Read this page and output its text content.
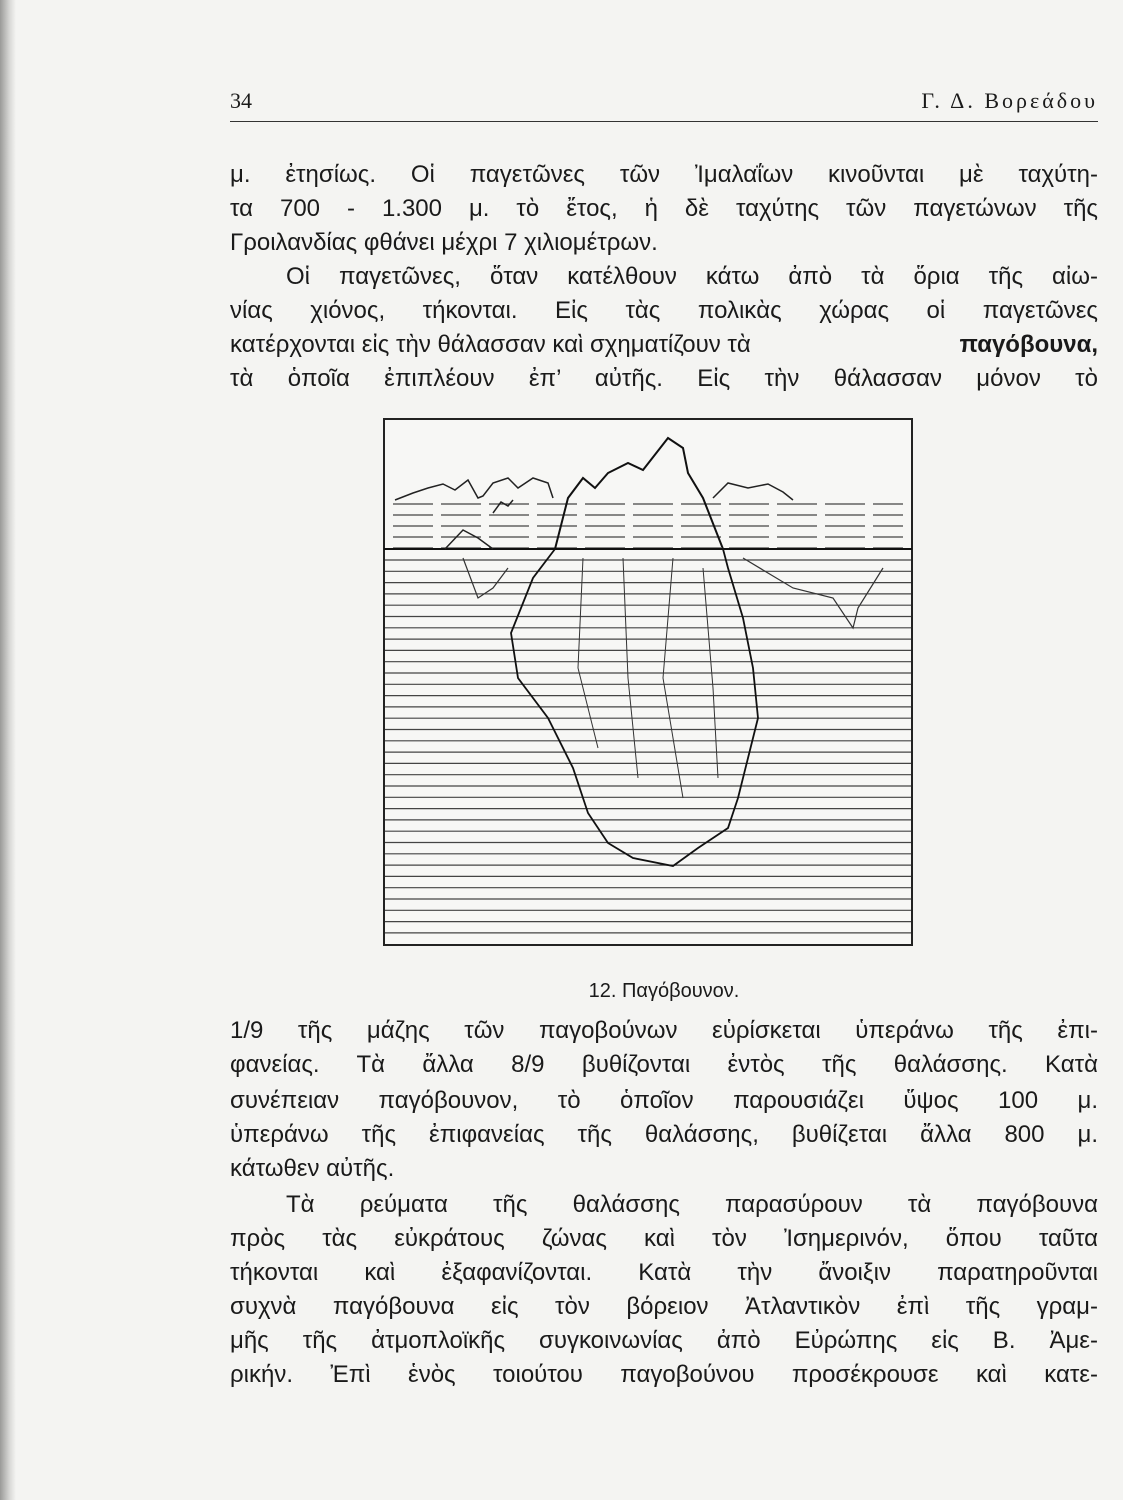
34	Γ. Δ. Βορεάδου
μ. ἐτησίως. Οἱ παγετῶνες τῶν Ἰμαλαΐων κινοῦνται μὲ ταχύτη-
τα 700 - 1.300 μ. τὸ ἔτος, ἡ δὲ ταχύτης τῶν παγετώνων τῆς
Γροιλανδίας φθάνει μέχρι 7 χιλιομέτρων.
Οἱ παγετῶνες, ὅταν κατέλθουν κάτω ἀπὸ τὰ ὅρια τῆς αἰω-
νίας χιόνος, τήκονται. Εἰς τὰς πολικὰς χώρας οἱ παγετῶνες
κατέρχονται εἰς τὴν θάλασσαν καὶ σχηματίζουν τὰ	παγόβουνα,
τὰ ὁποῖα ἐπιπλέουν ἐπ’ αὐτῆς. Εἰς τὴν θάλασσαν μόνον τὸ
12. Παγόβουνον.
1/9 τῆς μάζης τῶν παγοβούνων εὑρίσκεται ὑπεράνω τῆς ἐπι-
φανείας. Τὰ ἄλλα 8/9 βυθίζονται ἐντὸς τῆς θαλάσσης. Κατὰ
συνέπειαν παγόβουνον, τὸ ὁποῖον παρουσιάζει ὕψος 100 μ.
ὑπεράνω τῆς ἐπιφανείας τῆς θαλάσσης, βυθίζεται ἄλλα 800 μ.
κάτωθεν αὐτῆς.
Τὰ ρεύματα τῆς θαλάσσης παρασύρουν τὰ παγόβουνα
πρὸς τὰς εὐκράτους ζώνας καὶ τὸν Ἰσημερινόν, ὅπου ταῦτα
τήκονται καὶ ἐξαφανίζονται. Κατὰ τὴν ἄνοιξιν παρατηροῦνται
συχνὰ παγόβουνα εἰς τὸν βόρειον Ἀτλαντικὸν ἐπὶ τῆς γραμ-
μῆς τῆς ἀτμοπλοϊκῆς συγκοινωνίας ἀπὸ Εὐρώπης εἰς Β. Ἀμε-
ρικήν. Ἐπὶ ἑνὸς τοιούτου παγοβούνου προσέκρουσε καὶ κατε-
